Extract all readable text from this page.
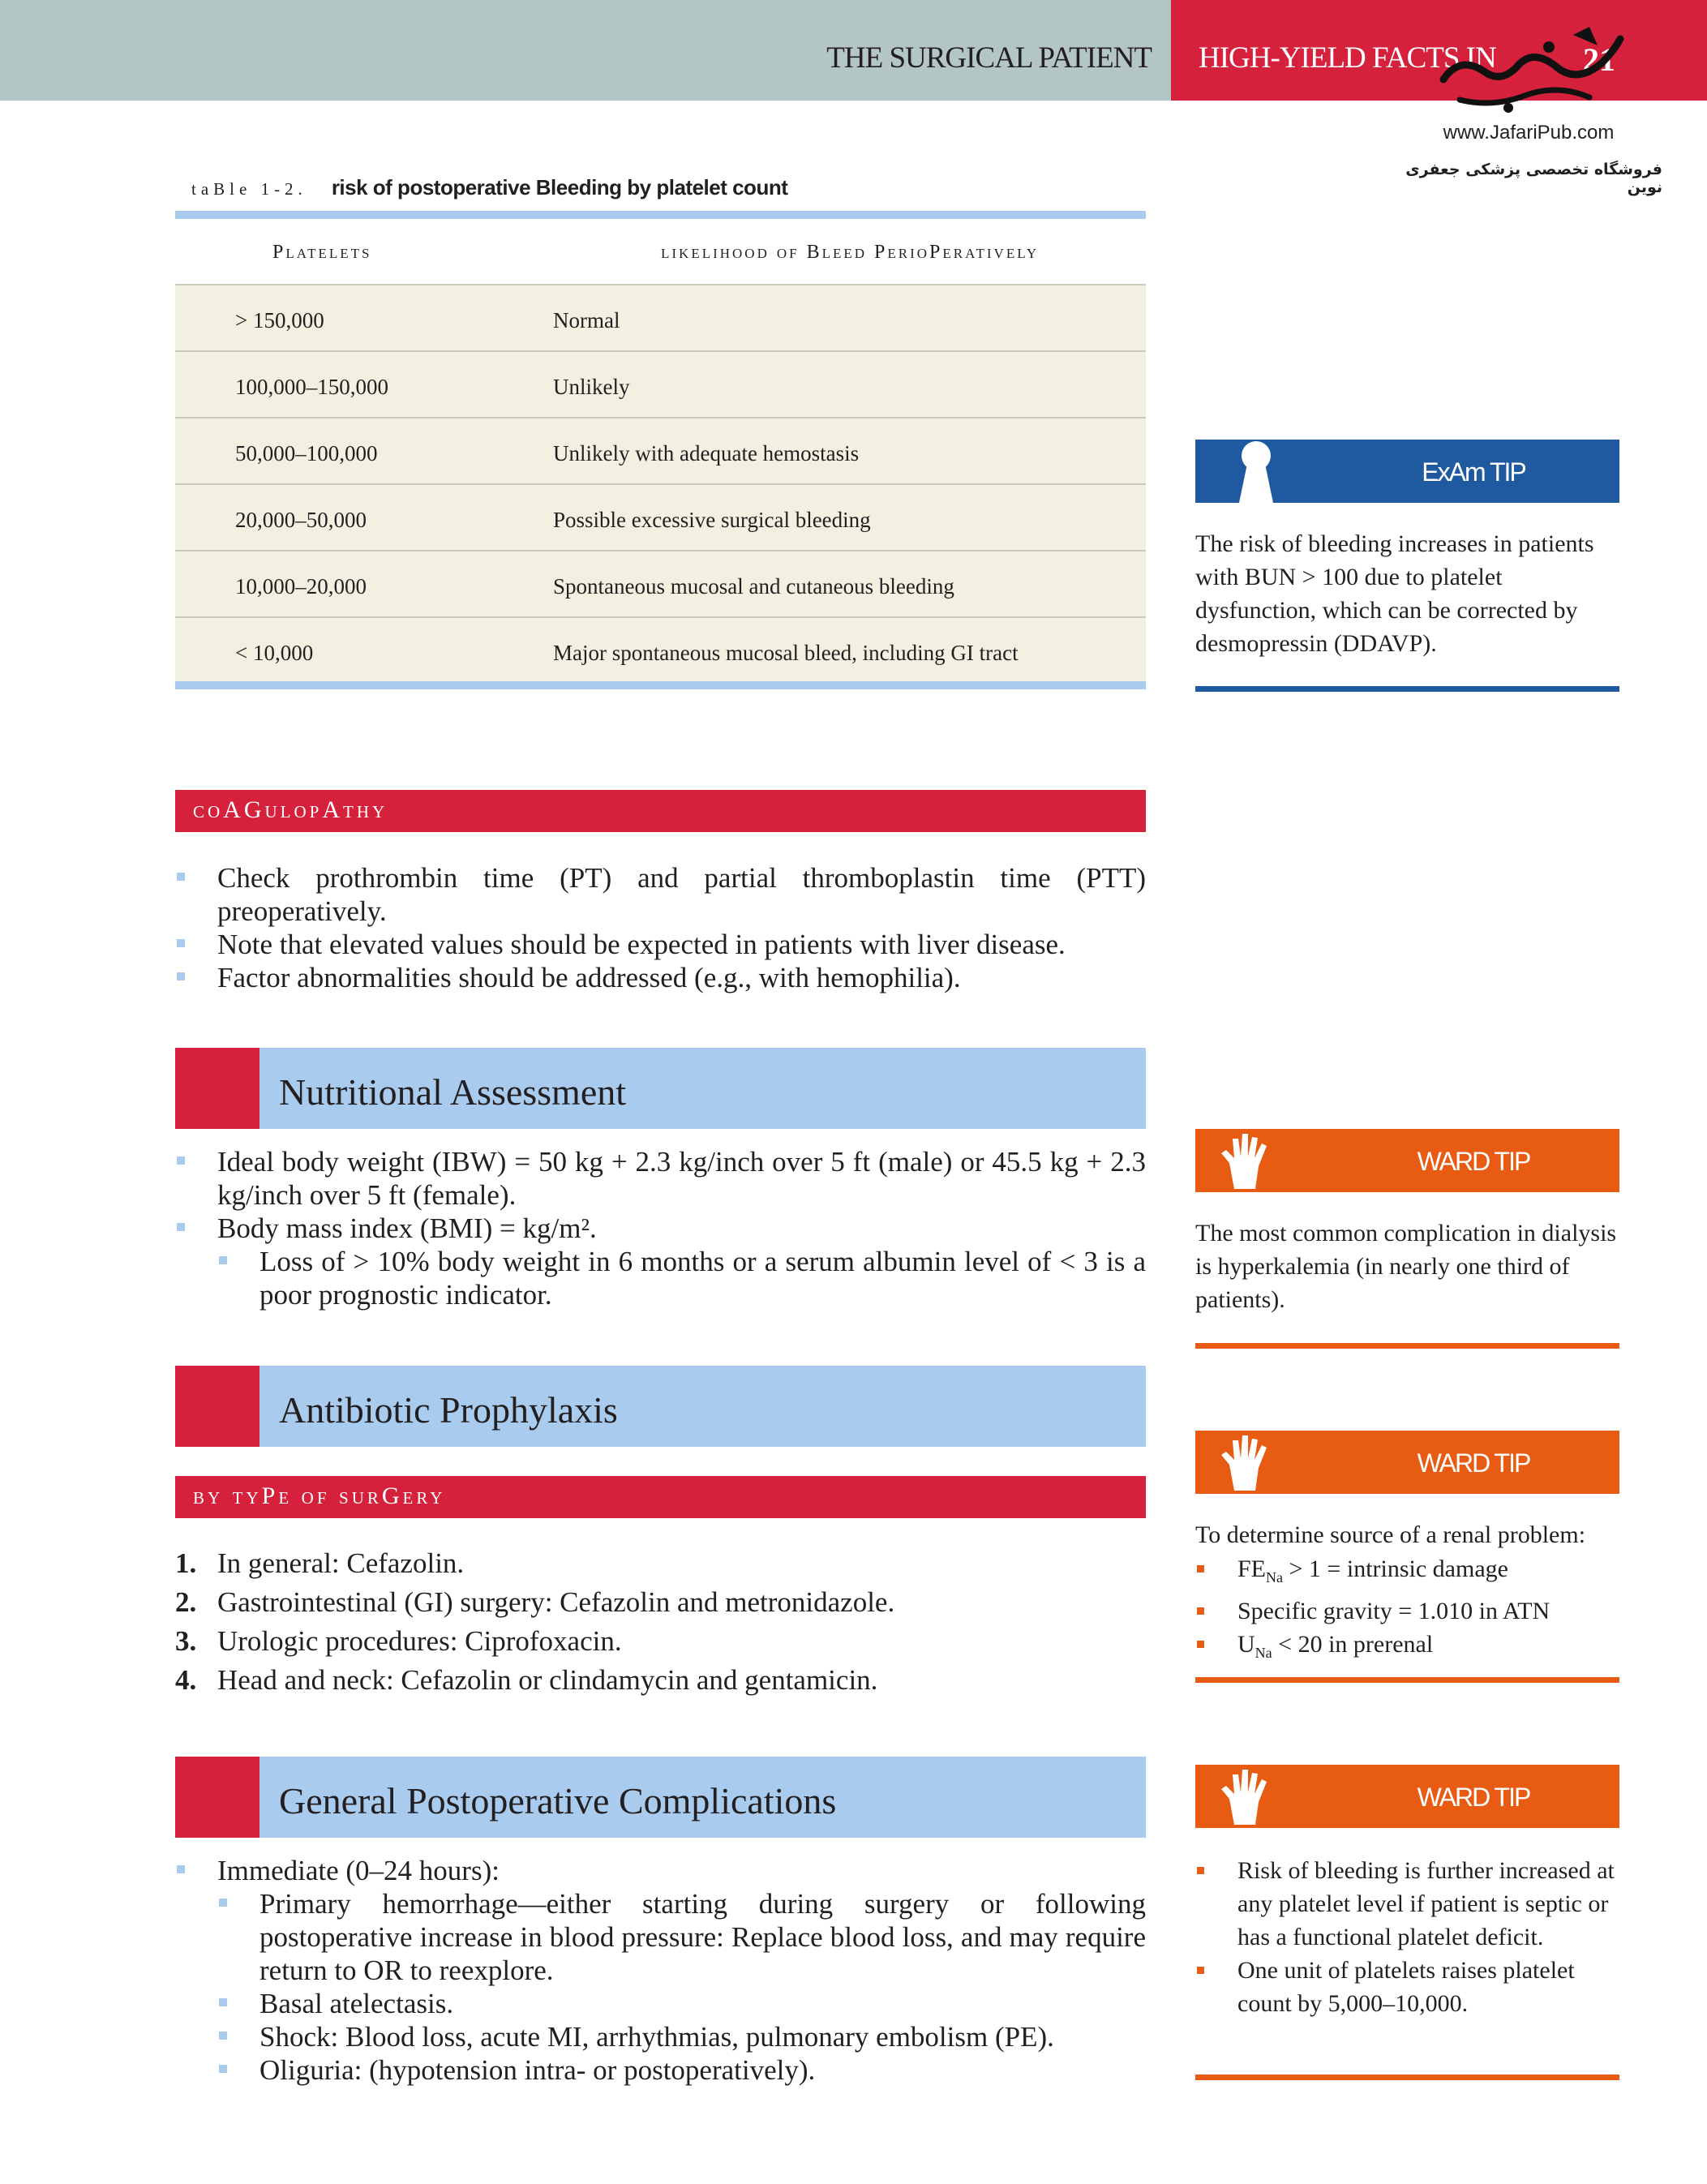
THE SURGICAL PATIENT HIGH-YIELD FACTS IN	21
www.JafariPub.com
فروشگاه تخصصی پزشکی جعفری نوین
taBle 1-2. risk of postoperative Bleeding by platelet count
Platelets	likelihood of Bleed PerioPeratively
> 150,000	Normal
100,000–150,000	Unlikely
50,000–100,000	Unlikely with adequate hemostasis
20,000–50,000	Possible excessive surgical bleeding
10,000–20,000	Spontaneous mucosal and cutaneous bleeding
< 10,000	Major spontaneous mucosal bleed, including GI tract
ExAm TIP
The risk of bleeding increases in patients with BUN > 100 due to platelet dysfunction, which can be corrected by desmopressin (DDAVP).
coAGulopAthy
Check prothrombin time (PT) and partial thromboplastin time (PTT) preoperatively.
Note that elevated values should be expected in patients with liver disease.
Factor abnormalities should be addressed (e.g., with hemophilia).
Nutritional Assessment
Ideal body weight (IBW) = 50 kg + 2.3 kg/inch over 5 ft (male) or 45.5 kg + 2.3 kg/inch over 5 ft (female).
Body mass index (BMI) = kg/m².
Loss of > 10% body weight in 6 months or a serum albumin level of < 3 is a poor prognostic indicator.
WARD TIP
The most common complication in dialysis is hyperkalemia (in nearly one third of patients).
Antibiotic Prophylaxis
by tyPe of surGery
1. In general: Cefazolin.
2. Gastrointestinal (GI) surgery: Cefazolin and metronidazole.
3. Urologic procedures: Ciprofoxacin.
4. Head and neck: Cefazolin or clindamycin and gentamicin.
WARD TIP
To determine source of a renal problem:
$FE_{Na} > 1$ = intrinsic damage
Specific gravity = 1.010 in ATN
$U_{Na} < 20$ in prerenal
General Postoperative Complications
Immediate (0–24 hours):
Primary hemorrhage—either starting during surgery or following postoperative increase in blood pressure: Replace blood loss, and may require return to OR to reexplore.
Basal atelectasis.
Shock: Blood loss, acute MI, arrhythmias, pulmonary embolism (PE).
Oliguria: (hypotension intra- or postoperatively).
WARD TIP
Risk of bleeding is further increased at any platelet level if patient is septic or has a functional platelet deficit.
One unit of platelets raises platelet count by 5,000–10,000.
